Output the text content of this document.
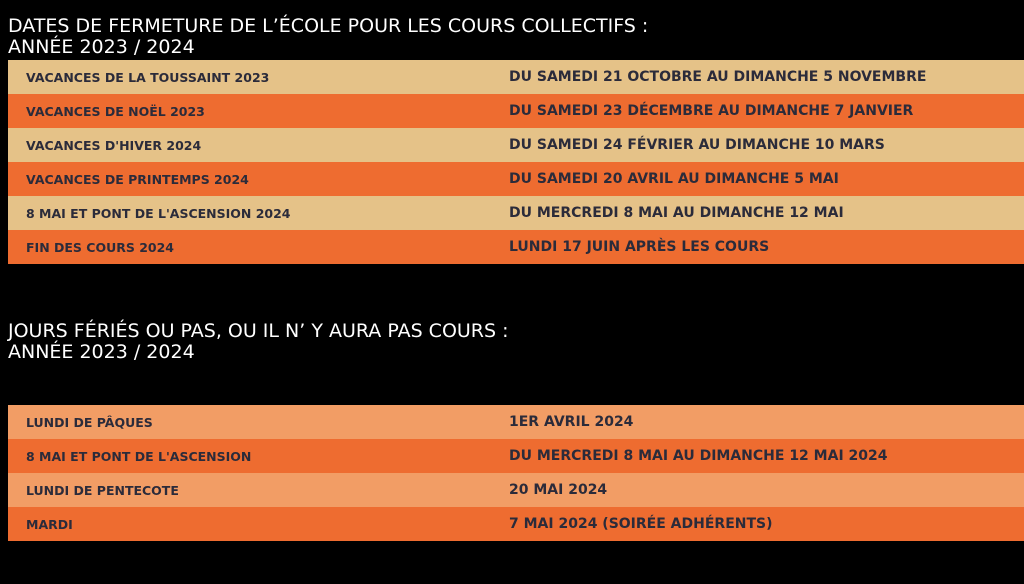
DATES DE FERMETURE DE L’ÉCOLE POUR LES COURS COLLECTIFS :
ANNÉE 2023 / 2024
VACANCES DE LA TOUSSAINT 2023	DU SAMEDI 21 OCTOBRE AU DIMANCHE 5 NOVEMBRE
VACANCES DE NOËL 2023	DU SAMEDI 23 DÉCEMBRE AU DIMANCHE 7 JANVIER
VACANCES D'HIVER 2024	DU SAMEDI 24 FÉVRIER AU DIMANCHE 10 MARS
VACANCES DE PRINTEMPS 2024	DU SAMEDI 20 AVRIL AU DIMANCHE 5 MAI
8 MAI ET PONT DE L'ASCENSION 2024	DU MERCREDI 8 MAI AU DIMANCHE 12 MAI
FIN DES COURS 2024	LUNDI 17 JUIN APRÈS LES COURS
JOURS FÉRIÉS OU PAS, OU IL N’ Y AURA PAS COURS :
ANNÉE 2023 / 2024
LUNDI DE PÂQUES	1ER AVRIL 2024
8 MAI ET PONT DE L'ASCENSION	DU MERCREDI 8 MAI AU DIMANCHE 12 MAI 2024
LUNDI DE PENTECOTE	20 MAI 2024
MARDI	7 MAI 2024 (SOIRÉE ADHÉRENTS)
